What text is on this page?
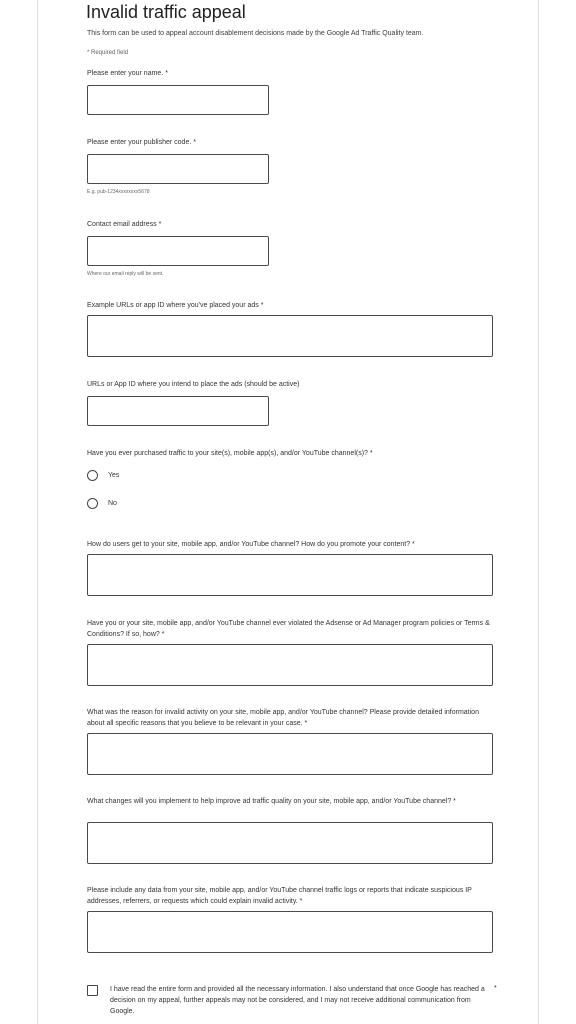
Invalid traffic appeal
This form can be used to appeal account disablement decisions made by the Google Ad Traffic Quality team.
* Required field
Please enter your name. *
Please enter your publisher code. *
E.g. pub-1234xxxxxxxx5678
Contact email address *
Where our email reply will be sent.
Example URLs or app ID where you've placed your ads *
URLs or App ID where you intend to place the ads (should be active)
Have you ever purchased traffic to your site(s), mobile app(s), and/or YouTube channel(s)? *
Yes
No
How do users get to your site, mobile app, and/or YouTube channel? How do you promote your content? *
Have you or your site, mobile app, and/or YouTube channel ever violated the Adsense or Ad Manager program policies or Terms & Conditions? If so, how? *
What was the reason for invalid activity on your site, mobile app, and/or YouTube channel? Please provide detailed information about all specific reasons that you believe to be relevant in your case. *
What changes will you implement to help improve ad traffic quality on your site, mobile app, and/or YouTube channel? *
Please include any data from your site, mobile app, and/or YouTube channel traffic logs or reports that indicate suspicious IP addresses, referrers, or requests which could explain invalid activity. *
I have read the entire form and provided all the necessary information. I also understand that once Google has reached a decision on my appeal, further appeals may not be considered, and I may not receive additional communication from Google.
*
